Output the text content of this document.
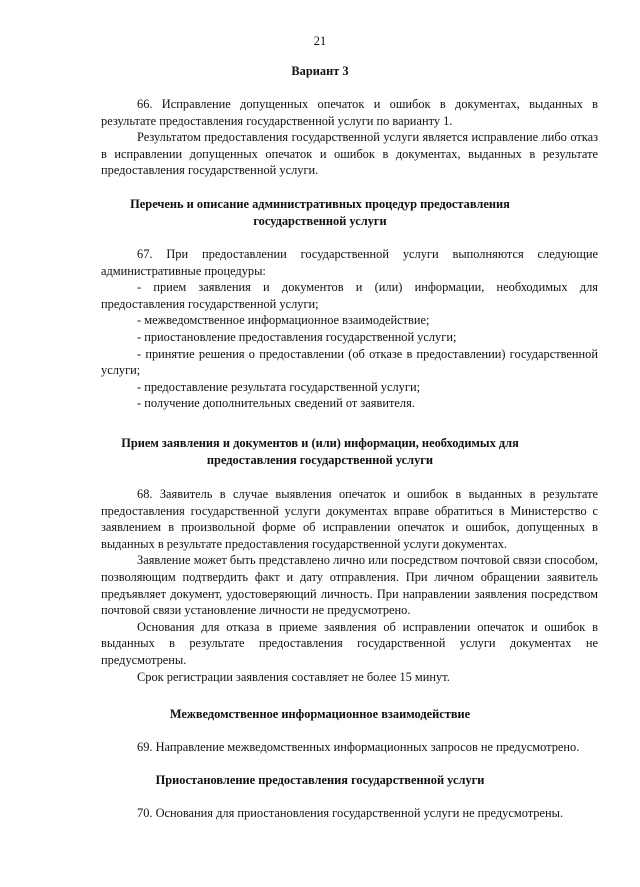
21
Вариант 3

66. Исправление допущенных опечаток и ошибок в документах, выданных в результате предоставления государственной услуги по варианту 1.

Результатом предоставления государственной услуги является исправление либо отказ в исправлении допущенных опечаток и ошибок в документах, выданных в результате предоставления государственной услуги.

Перечень и описание административных процедур предоставления государственной услуги

67. При предоставлении государственной услуги выполняются следующие административные процедуры:

- прием заявления и документов и (или) информации, необходимых для предоставления государственной услуги;
- межведомственное информационное взаимодействие;
- приостановление предоставления государственной услуги;
- принятие решения о предоставлении (об отказе в предоставлении) государственной услуги;
- предоставление результата государственной услуги;
- получение дополнительных сведений от заявителя.
Прием заявления и документов и (или) информации, необходимых для предоставления государственной услуги

68. Заявитель в случае выявления опечаток и ошибок в выданных в результате предоставления государственной услуги документах вправе обратиться в Министерство с заявлением в произвольной форме об исправлении опечаток и ошибок, допущенных в выданных в результате предоставления государственной услуги документах.

Заявление может быть представлено лично или посредством почтовой связи способом, позволяющим подтвердить факт и дату отправления. При личном обращении заявитель предъявляет документ, удостоверяющий личность. При направлении заявления посредством почтовой связи установление личности не предусмотрено.

Основания для отказа в приеме заявления об исправлении опечаток и ошибок в выданных в результате предоставления государственной услуги документах не предусмотрены.

Срок регистрации заявления составляет не более 15 минут.

Межведомственное информационное взаимодействие

69. Направление межведомственных информационных запросов не предусмотрено.

Приостановление предоставления государственной услуги

70. Основания для приостановления государственной услуги не предусмотрены.
